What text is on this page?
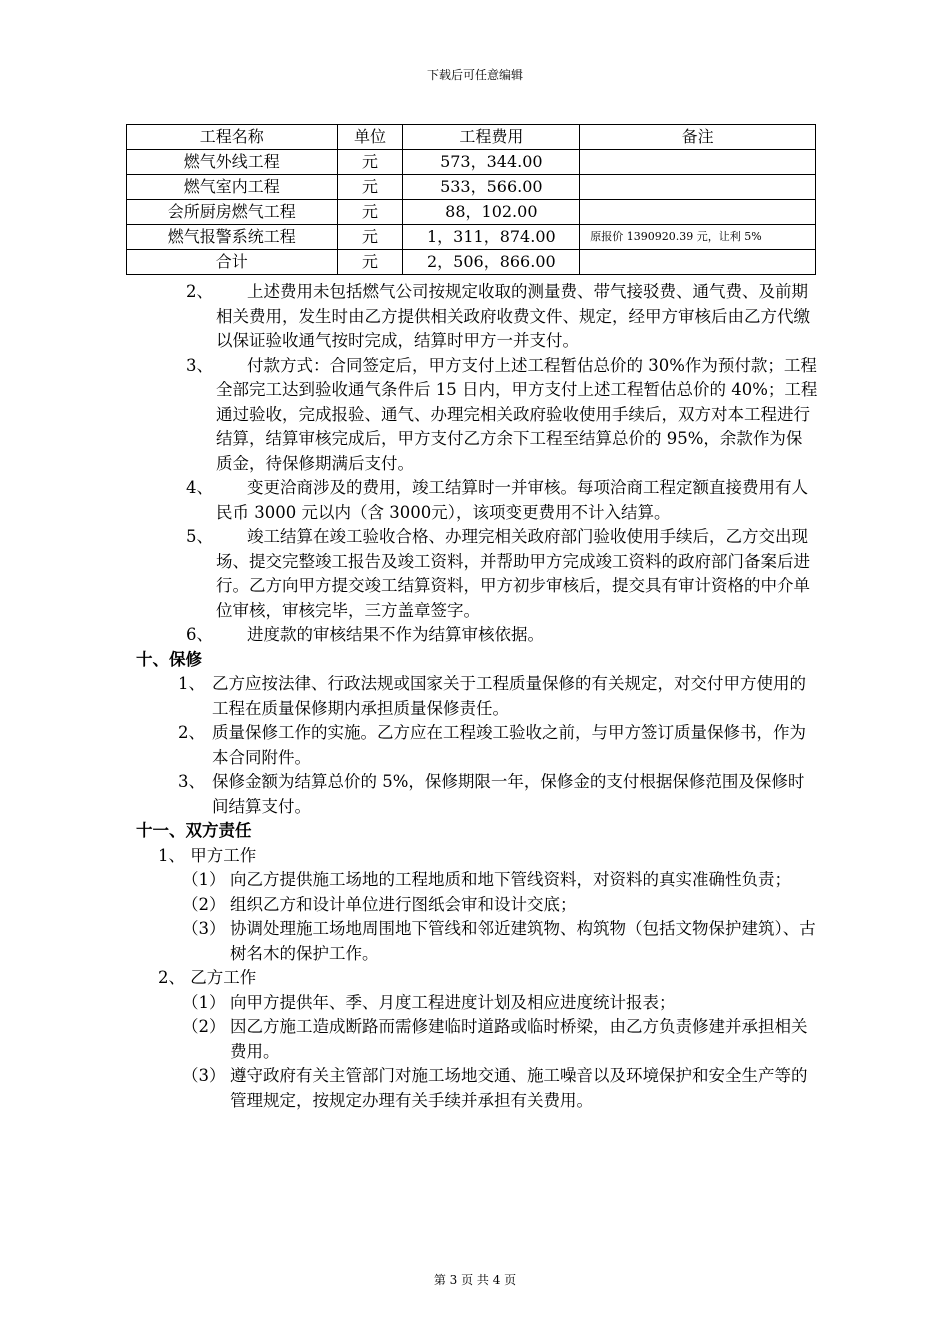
下载后可任意编辑
工程名称	单位	工程费用	备注
燃气外线工程	元	573，344.00	
燃气室内工程	元	533，566.00	
会所厨房燃气工程	元	88，102.00	
燃气报警系统工程	元	1，311，874.00	原报价 1390920.39 元，让利 5%
合计	元	2，506，866.00	
2、	上述费用未包括燃气公司按规定收取的测量费、带气接驳费、通气费、及前期相关费用，发生时由乙方提供相关政府收费文件、规定，经甲方审核后由乙方代缴以保证验收通气按时完成，结算时甲方一并支付。
3、	付款方式：合同签定后，甲方支付上述工程暂估总价的 30%作为预付款；工程全部完工达到验收通气条件后 15 日内，甲方支付上述工程暂估总价的 40%；工程通过验收，完成报验、通气、办理完相关政府验收使用手续后，双方对本工程进行结算，结算审核完成后，甲方支付乙方余下工程至结算总价的 95%，余款作为保质金，待保修期满后支付。
4、	变更洽商涉及的费用，竣工结算时一并审核。每项洽商工程定额直接费用有人民币 3000 元以内（含 3000元），该项变更费用不计入结算。
5、	竣工结算在竣工验收合格、办理完相关政府部门验收使用手续后，乙方交出现场、提交完整竣工报告及竣工资料，并帮助甲方完成竣工资料的政府部门备案后进行。乙方向甲方提交竣工结算资料，甲方初步审核后，提交具有审计资格的中介单位审核，审核完毕，三方盖章签字。
6、	进度款的审核结果不作为结算审核依据。
十、保修
1、 乙方应按法律、行政法规或国家关于工程质量保修的有关规定，对交付甲方使用的工程在质量保修期内承担质量保修责任。
2、 质量保修工作的实施。乙方应在工程竣工验收之前，与甲方签订质量保修书，作为本合同附件。
3、 保修金额为结算总价的 5%，保修期限一年，保修金的支付根据保修范围及保修时间结算支付。
十一、双方责任
1、 甲方工作
（1） 向乙方提供施工场地的工程地质和地下管线资料，对资料的真实准确性负责；
（2） 组织乙方和设计单位进行图纸会审和设计交底；
（3） 协调处理施工场地周围地下管线和邻近建筑物、构筑物（包括文物保护建筑）、古树名木的保护工作。
2、 乙方工作
（1） 向甲方提供年、季、月度工程进度计划及相应进度统计报表；
（2） 因乙方施工造成断路而需修建临时道路或临时桥梁，由乙方负责修建并承担相关费用。
（3） 遵守政府有关主管部门对施工场地交通、施工噪音以及环境保护和安全生产等的管理规定，按规定办理有关手续并承担有关费用。
第 3 页 共 4 页
